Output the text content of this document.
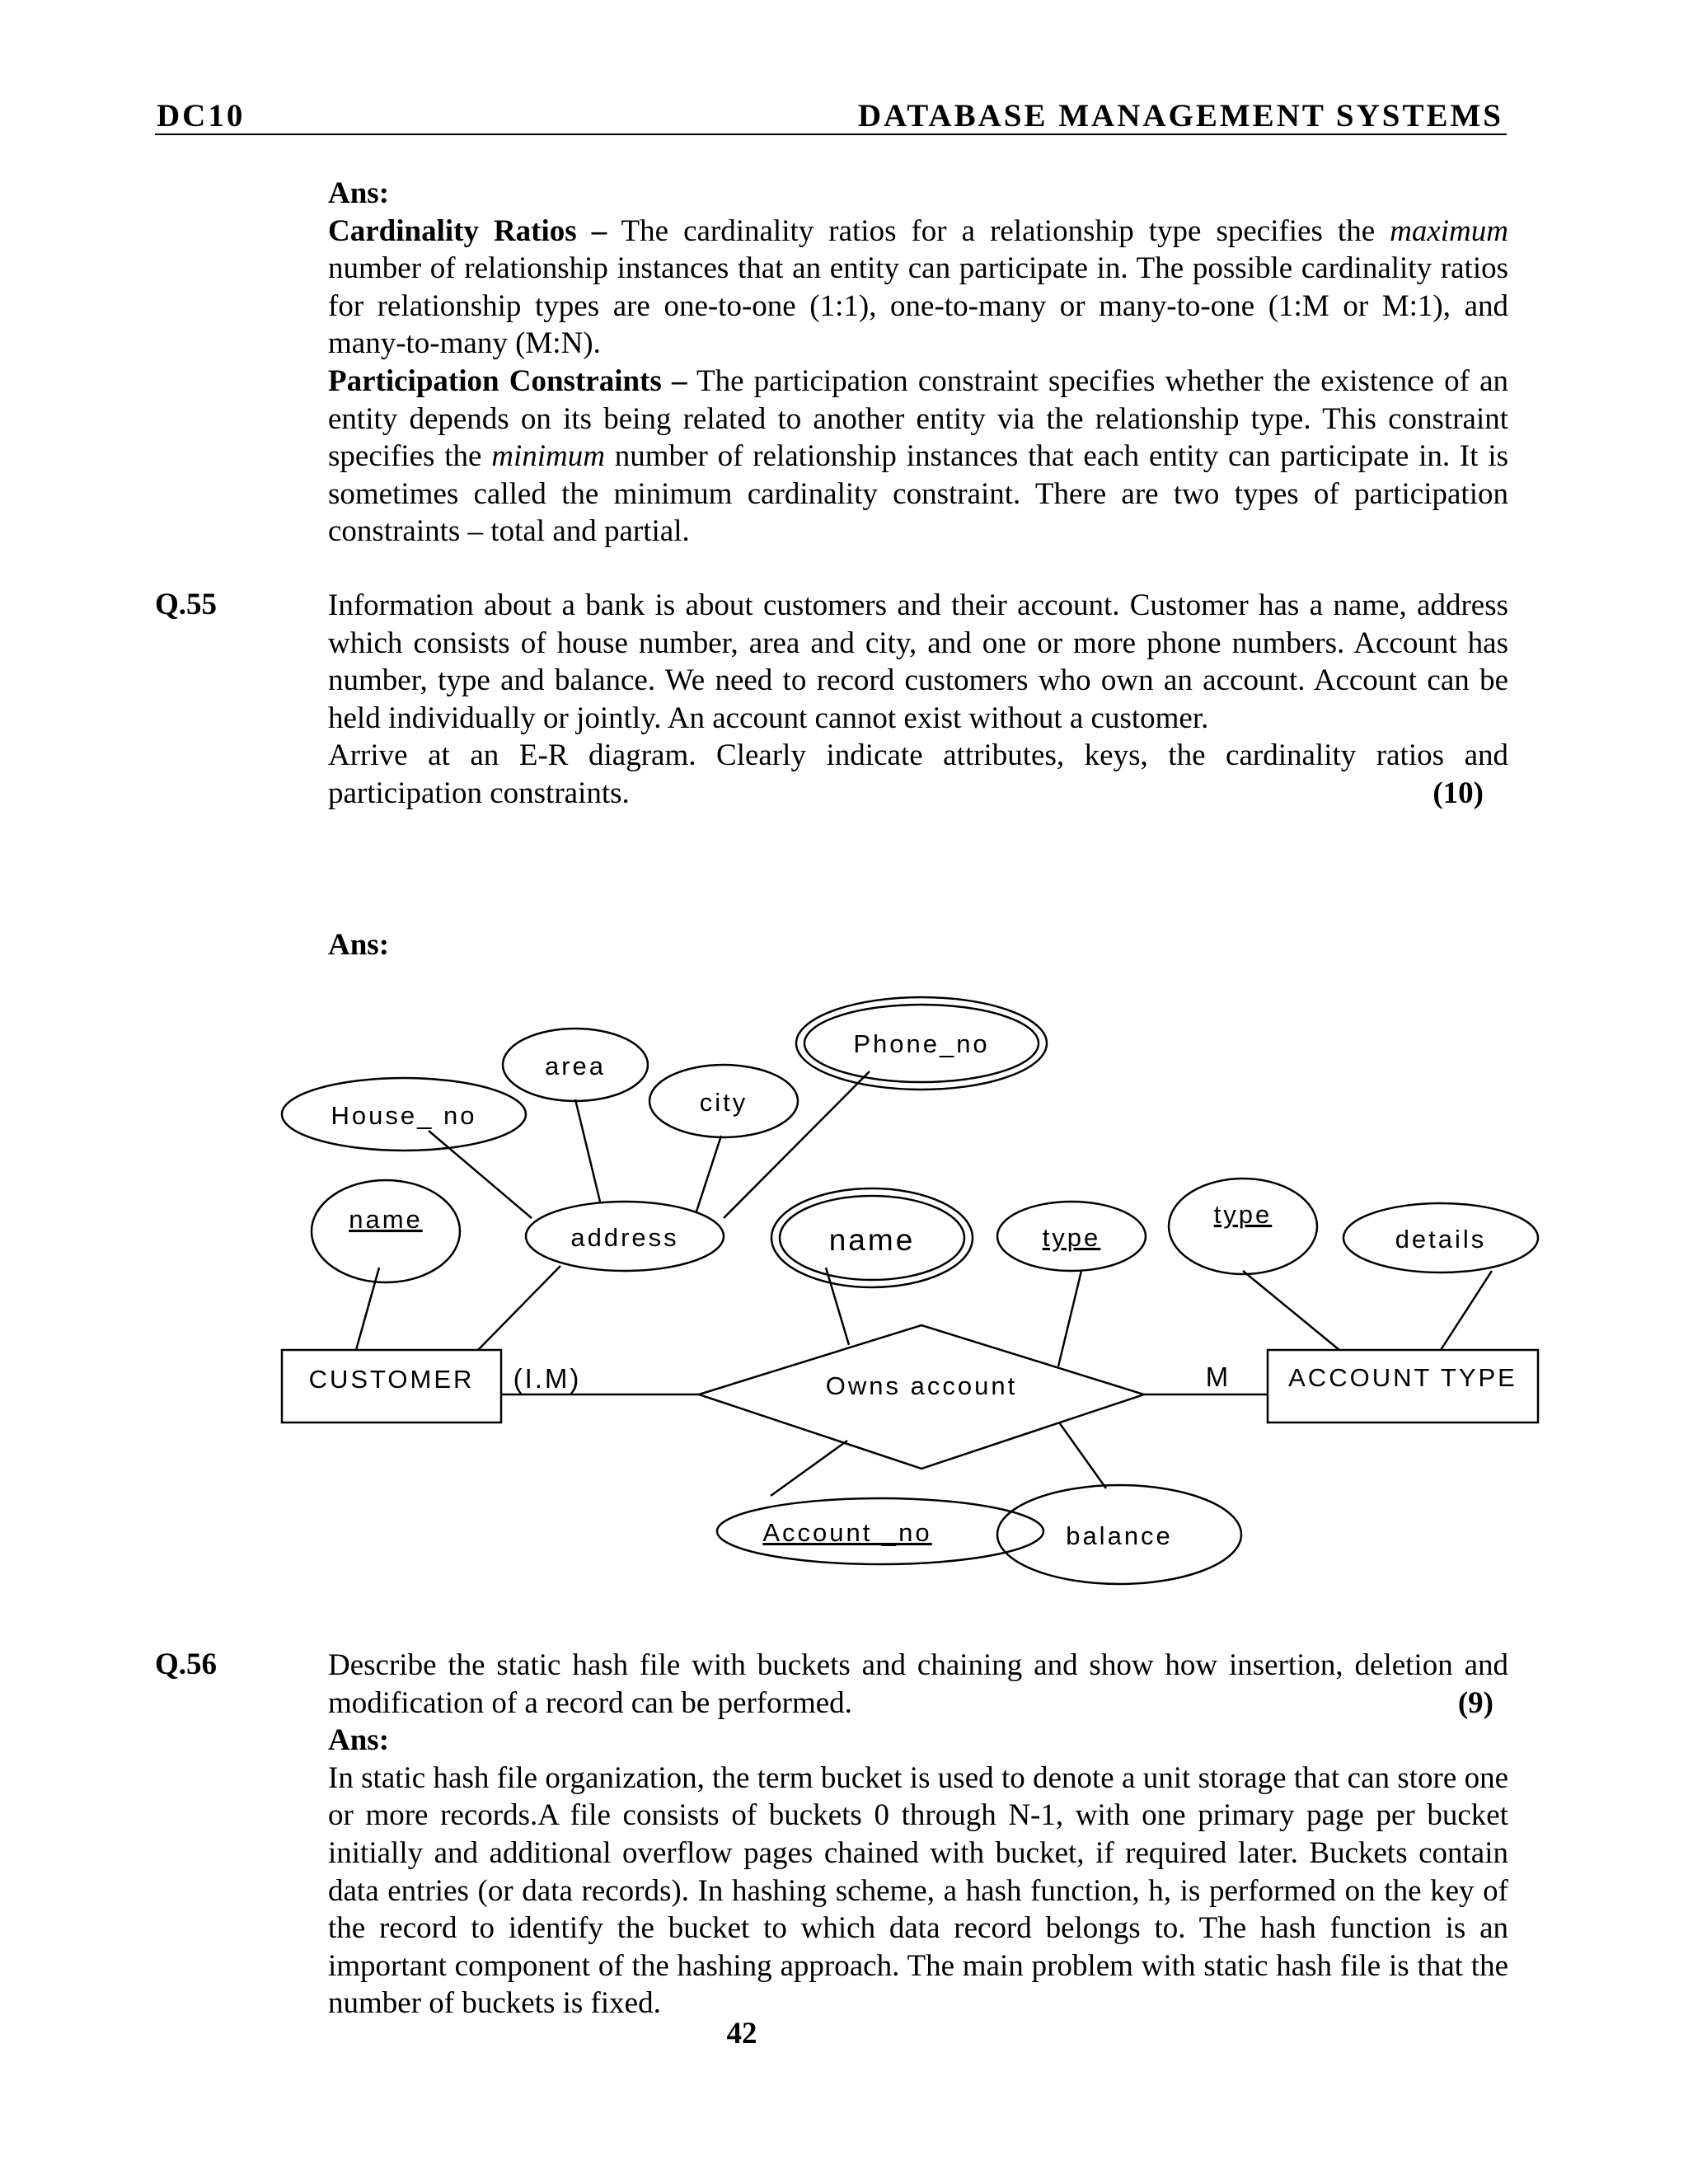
DC10	DATABASE MANAGEMENT SYSTEMS

Ans:

Cardinality Ratios – The cardinality ratios for a relationship type specifies the maximum number of relationship instances that an entity can participate in. The possible cardinality ratios for relationship types are one-to-one (1:1), one-to-many or many-to-one (1:M or M:1), and many-to-many (M:N).

Participation Constraints – The participation constraint specifies whether the existence of an entity depends on its being related to another entity via the relationship type. This constraint specifies the minimum number of relationship instances that each entity can participate in. It is sometimes called the minimum cardinality constraint. There are two types of participation constraints – total and partial.

Q.55	Information about a bank is about customers and their account. Customer has a name, address which consists of house number, area and city, and one or more phone numbers. Account has number, type and balance. We need to record customers who own an account. Account can be held individually or jointly. An account cannot exist without a customer.

Arrive at an E-R diagram. Clearly indicate attributes, keys, the cardinality ratios and participation constraints.	(10)

Ans:
House_ no
area
city
Phone_no
name
address	name	type
type
details
Account _no	balance
CUSTOMER	ACCOUNT TYPE
Owns account
(I.M)	M
Q.56	Describe the static hash file with buckets and chaining and show how insertion, deletion and modification of a record can be performed.	(9)

Ans:

In static hash file organization, the term bucket is used to denote a unit storage that can store one or more records.A file consists of buckets 0 through N-1, with one primary page per bucket initially and additional overflow pages chained with bucket, if required later. Buckets contain data entries (or data records). In hashing scheme, a hash function, h, is performed on the key of the record to identify the bucket to which data record belongs to. The hash function is an important component of the hashing approach. The main problem with static hash file is that the number of buckets is fixed.

42
